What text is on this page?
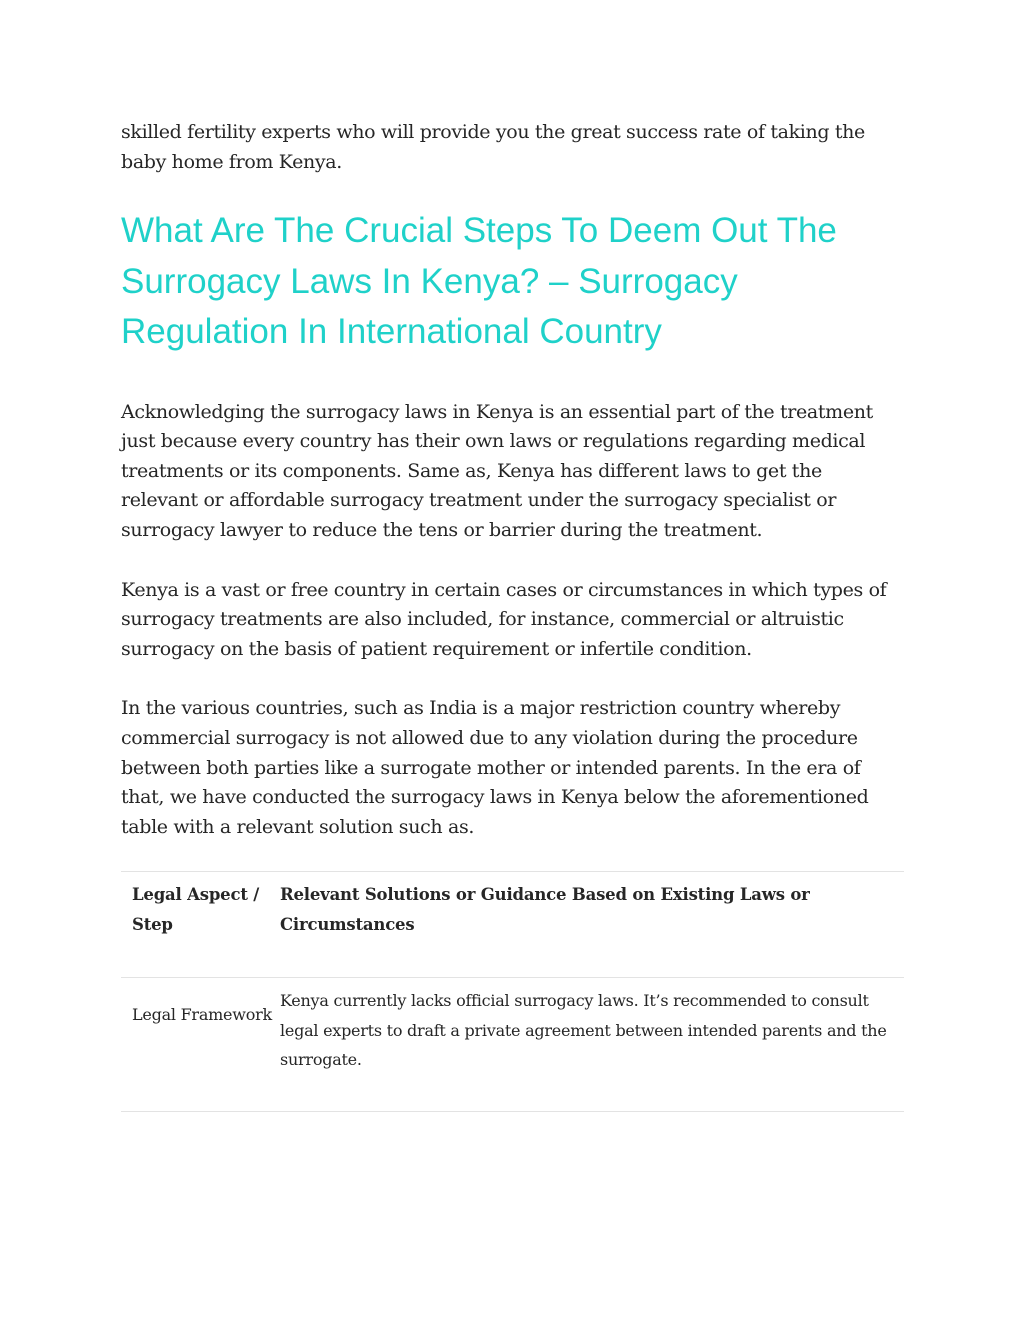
skilled fertility experts who will provide you the great success rate of taking the baby home from Kenya.

What Are The Crucial Steps To Deem Out The Surrogacy Laws In Kenya? – Surrogacy Regulation In International Country

Acknowledging the surrogacy laws in Kenya is an essential part of the treatment just because every country has their own laws or regulations regarding medical treatments or its components. Same as, Kenya has different laws to get the relevant or affordable surrogacy treatment under the surrogacy specialist or surrogacy lawyer to reduce the tens or barrier during the treatment.

Kenya is a vast or free country in certain cases or circumstances in which types of surrogacy treatments are also included, for instance, commercial or altruistic surrogacy on the basis of patient requirement or infertile condition.

In the various countries, such as India is a major restriction country whereby commercial surrogacy is not allowed due to any violation during the procedure between both parties like a surrogate mother or intended parents. In the era of that, we have conducted the surrogacy laws in Kenya below the aforementioned table with a relevant solution such as.

Legal Aspect / Step	Relevant Solutions or Guidance Based on Existing Laws or Circumstances
Legal Framework	Kenya currently lacks official surrogacy laws. It’s recommended to consult legal experts to draft a private agreement between intended parents and the surrogate.
